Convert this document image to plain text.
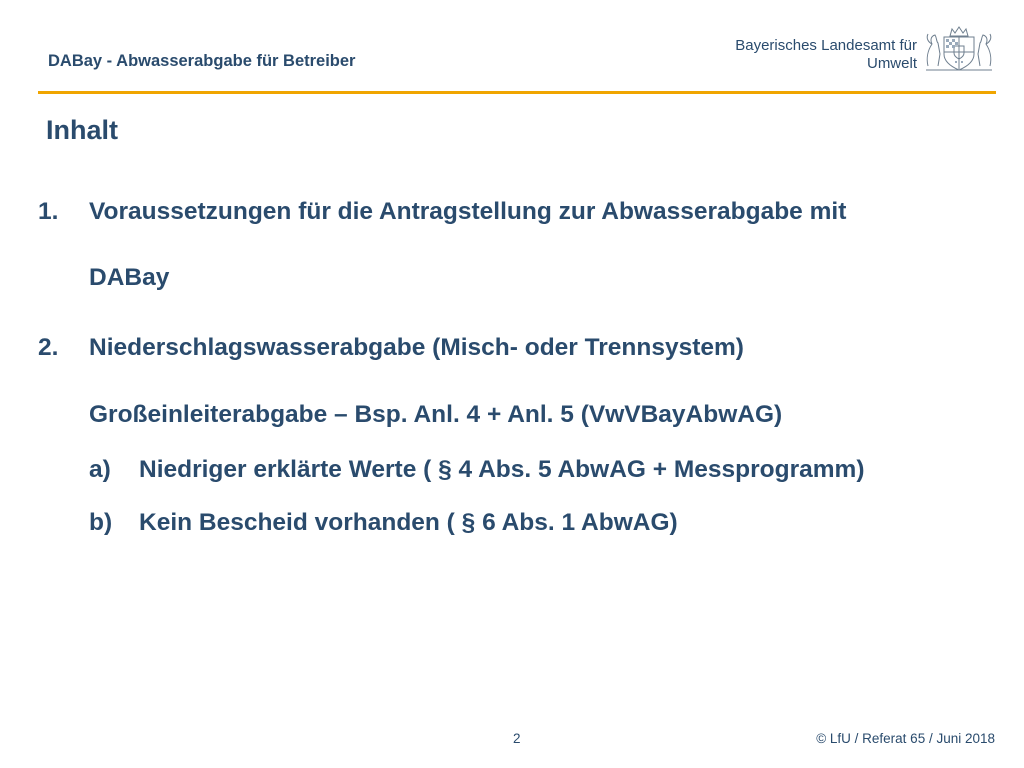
DABay - Abwasserabgabe für Betreiber
Bayerisches Landesamt für
Umwelt
Inhalt
1. Voraussetzungen für die Antragstellung zur Abwasserabgabe mit
DABay
2. Niederschlagswasserabgabe (Misch- oder Trennsystem)
Großeinleiterabgabe – Bsp. Anl. 4 + Anl. 5 (VwVBayAbwAG)
a) Niedriger erklärte Werte ( § 4 Abs. 5 AbwAG + Messprogramm)
b) Kein Bescheid vorhanden ( § 6 Abs. 1 AbwAG)
2	© LfU / Referat 65 / Juni 2018
